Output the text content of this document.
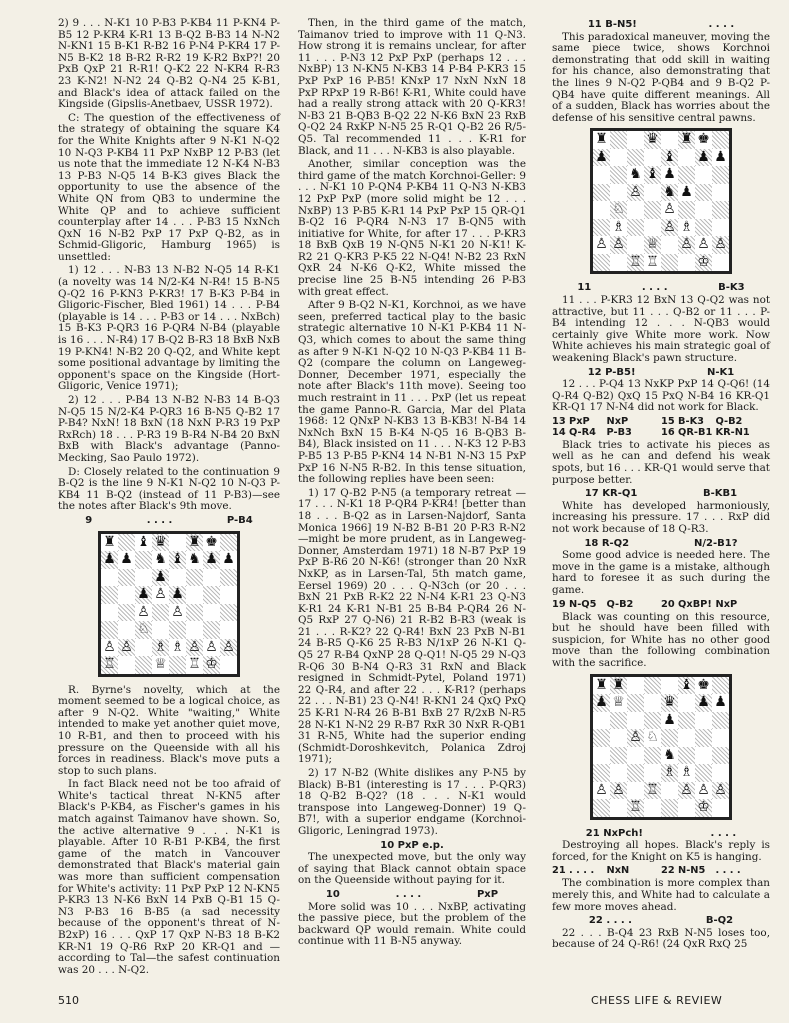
2) 9 . . . N-K1 10 P-B3 P-KB4 11 P-KN4 P-B5 12 P-KR4 K-R1 13 B-Q2 B-B3 14 N-N2 N-KN1 15 B-K1 R-B2 16 P-N4 P-KR4 17 P-N5 B-K2 18 B-R2 R-R2 19 K-R2 BxP?! 20 PxB QxP 21 R-R1! Q-K2 22 N-KR4 R-R3 23 K-N2! N-N2 24 Q-B2 Q-N4 25 K-B1, and Black's idea of attack failed on the Kingside (Gipslis-Anetbaev, USSR 1972).

C: The question of the effectiveness of the strategy of obtaining the square K4 for the White Knights after 9 N-K1 N-Q2 10 N-Q3 P-KB4 11 PxP NxBP 12 P-B3 (let us note that the immediate 12 N-K4 N-B3 13 P-B3 N-Q5 14 B-K3 gives Black the opportunity to use the absence of the White QN from QB3 to undermine the White QP and to achieve sufficient counterplay after 14 . . . P-B3 15 NxNch QxN 16 N-B2 PxP 17 PxP Q-B2, as in Schmid-Gligoric, Hamburg 1965) is unsettled:

1) 12 . . . N-B3 13 N-B2 N-Q5 14 R-K1 (a novelty was 14 N/2-K4 N-R4! 15 B-N5 Q-Q2 16 P-KN3 P-KR3! 17 B-K3 P-B4 in Gligoric-Fischer, Bled 1961) 14 . . . P-B4 (playable is 14 . . . P-B3 or 14 . . . NxBch) 15 B-K3 P-QR3 16 P-QR4 N-B4 (playable is 16 . . . N-R4) 17 B-Q2 B-R3 18 BxB NxB 19 P-KN4! N-B2 20 Q-Q2, and White kept some positional advantage by limiting the opponent's space on the Kingside (Hort-Gligoric, Venice 1971);

2) 12 . . . P-B4 13 N-B2 N-B3 14 B-Q3 N-Q5 15 N/2-K4 P-QR3 16 B-N5 Q-B2 17 P-B4? NxN! 18 BxN (18 NxN P-R3 19 PxP RxRch) 18 . . . P-R3 19 B-R4 N-B4 20 BxN BxB with Black's advantage (Panno-Mecking, Sao Paulo 1972).

D: Closely related to the continuation 9 B-Q2 is the line 9 N-K1 N-Q2 10 N-Q3 P-KB4 11 B-Q2 (instead of 11 P-B3)—see the notes after Black's 9th move.

9	. . . .	P-B4
♜ ♝ ♛ ♜ ♚
♟ ♟ ♞ ♝ ♞ ♟ ♟
♟
♟ ♙ ♟
♙ ♙
♘
♙ ♙ ♗ ♗ ♙ ♙ ♙
♖	♕ ♖ ♔

R. Byrne's novelty, which at the moment seemed to be a logical choice, as after 9 N-Q2. White "waiting," White intended to make yet another quiet move, 10 R-B1, and then to proceed with his pressure on the Queenside with all his forces in readiness. Black's move puts a stop to such plans.

In fact Black need not be too afraid of White's tactical threat N-KN5 after Black's P-KB4, as Fischer's games in his match against Taimanov have shown. So, the active alternative 9 . . . N-K1 is playable. After 10 R-B1 P-KB4, the first game of the match in Vancouver demonstrated that Black's material gain was more than sufficient compensation for White's activity: 11 PxP PxP 12 N-KN5 P-KR3 13 N-K6 BxN 14 PxB Q-B1 15 Q-N3 P-B3 16 B-B5 (a sad necessity because of the opponent's threat of N-B2xP) 16 . . . QxP 17 QxP N-B3 18 B-K2 KR-N1 19 Q-R6 RxP 20 KR-Q1 and —according to Tal—the safest continuation was 20 . . . N-Q2.

Then, in the third game of the match, Taimanov tried to improve with 11 Q-N3. How strong it is remains unclear, for after 11 . . . P-N3 12 PxP PxP (perhaps 12 . . . NxBP) 13 N-KN5 N-KB3 14 P-B4 P-KR3 15 PxP PxP 16 P-B5! KNxP 17 NxN NxN 18 PxP RPxP 19 R-B6! K-R1, White could have had a really strong attack with 20 Q-KR3! N-B3 21 B-QB3 B-Q2 22 N-K6 BxN 23 RxB Q-Q2 24 RxKP N-N5 25 R-Q1 Q-B2 26 R/5-Q5. Tal recommended 11 . . . K-R1 for Black, and 11 . . . N-KB3 is also playable.

Another, similar conception was the third game of the match Korchnoi-Geller: 9 . . . N-K1 10 P-QN4 P-KB4 11 Q-N3 N-KB3 12 PxP PxP (more solid might be 12 . . . NxBP) 13 P-B5 K-R1 14 PxP PxP 15 QR-Q1 B-Q2 16 P-QR4 N-N3 17 B-QN5 with initiative for White, for after 17 . . . P-KR3 18 BxB QxB 19 N-QN5 N-K1 20 N-K1! K-R2 21 Q-KR3 P-K5 22 N-Q4! N-B2 23 RxN QxR 24 N-K6 Q-K2, White missed the precise line 25 B-N5 intending 26 P-B3 with great effect.

After 9 B-Q2 N-K1, Korchnoi, as we have seen, preferred tactical play to the basic strategic alternative 10 N-K1 P-KB4 11 N-Q3, which comes to about the same thing as after 9 N-K1 N-Q2 10 N-Q3 P-KB4 11 B-Q2 (compare the column on Langeweg-Donner, December 1971, especially the note after Black's 11th move). Seeing too much restraint in 11 . . . PxP (let us repeat the game Panno-R. Garcia, Mar del Plata 1968: 12 QNxP N-KB3 13 B-KB3! N-B4 14 NxNch BxN 15 B-K4 N-Q5 16 B-QB3 B-B4), Black insisted on 11 . . . N-K3 12 P-B3 P-B5 13 P-B5 P-KN4 14 N-B1 N-N3 15 PxP PxP 16 N-N5 R-B2. In this tense situation, the following replies have been seen:

1) 17 Q-B2 P-N5 (a temporary retreat —17 . . . N-K1 18 P-QR4 P-KR4! [better than 18 . . . B-Q2 as in Larsen-Najdorf, Santa Monica 1966] 19 N-B2 B-B1 20 P-R3 R-N2—might be more prudent, as in Langeweg-Donner, Amsterdam 1971) 18 N-B7 PxP 19 PxP B-R6 20 N-K6! (stronger than 20 NxR NxKP, as in Larsen-Tal, 5th match game, Eersel 1969) 20 . . . Q-N3ch (or 20 . . . BxN 21 PxB R-K2 22 N-N4 K-R1 23 Q-N3 K-R1 24 K-R1 N-B1 25 B-B4 P-QR4 26 N-Q5 RxP 27 Q-N6) 21 R-B2 B-R3 (weak is 21 . . . R-K2? 22 Q-R4! BxN 23 PxB N-B1 24 B-R5 Q-K6 25 R-B3 N/1xP 26 N-K1 Q-Q5 27 R-B4 QxNP 28 Q-Q1! N-Q5 29 N-Q3 R-Q6 30 B-N4 Q-R3 31 RxN and Black resigned in Schmidt-Pytel, Poland 1971) 22 Q-R4, and after 22 . . . K-R1? (perhaps 22 . . . N-B1) 23 Q-N4! R-KN1 24 QxQ PxQ 25 K-R1 N-R4 26 B-B1 BxB 27 R/2xB N-R5 28 N-K1 N-N2 29 R-B7 RxR 30 NxR R-QB1 31 R-N5, White had the superior ending (Schmidt-Doroshkevitch, Polanica Zdroj 1971);

2) 17 N-B2 (White dislikes any P-N5 by Black) B-B1 (interesting is 17 . . . P-QR3) 18 Q-B2 B-Q2? (18 . . . N-K1 would transpose into Langeweg-Donner) 19 Q-B7!, with a superior endgame (Korchnoi-Gligoric, Leningrad 1973).

10 PxP e.p.

The unexpected move, but the only way of saying that Black cannot obtain space on the Queenside without paying for it.

10	. . . .	PxP

More solid was 10 . . . NxBP, activating the passive piece, but the problem of the backward QP would remain. White could continue with 11 B-N5 anyway.

11 B-N5!	. . . .

This paradoxical maneuver, moving the same piece twice, shows Korchnoi demonstrating that odd skill in waiting for his chance, also demonstrating that the lines 9 N-Q2 P-QB4 and 9 B-Q2 P-QB4 have quite different meanings. All of a sudden, Black has worries about the defense of his sensitive central pawns.

♜	♛ ♜ ♚
♟	♝ ♟ ♟
♞ ♝ ♟
♙ ♞ ♟
♘	♙
♗	♙ ♗
♙ ♙ ♕ ♙ ♙ ♙
♖ ♖	♔
11	. . . .	B-K3

11 . . . P-KR3 12 BxN 13 Q-Q2 was not attractive, but 11 . . . Q-B2 or 11 . . . P-B4 intending 12 . . . N-QB3 would certainly give White more work. Now White achieves his main strategic goal of weakening Black's pawn structure.

12 P-B5!	N-K1

12 . . . P-Q4 13 NxKP PxP 14 Q-Q6! (14 Q-R4 Q-B2) QxQ 15 PxQ N-B4 16 KR-Q1 KR-Q1 17 N-N4 did not work for Black.

13 PxP	NxP	15 B-K3	Q-B2
14 Q-R4	P-B3	16 QR-B1 KR-N1

Black tries to activate his pieces as well as he can and defend his weak spots, but 16 . . . KR-Q1 would serve that purpose better.

17 KR-Q1	B-KB1

White has developed harmoniously, increasing his pressure. 17 . . . RxP did not work because of 18 Q-R3.

18 R-Q2	N/2-B1?

Some good advice is needed here. The move in the game is a mistake, although hard to foresee it as such during the game.

19 N-Q5	Q-B2	20 QxBP! NxP

Black was counting on this resource, but he should have been filled with suspicion, for White has no other good move than the following combination with the sacrifice.

♜ ♜	♝ ♚
♟ ♕	♛ ♟ ♟
♟
♙ ♘
♞
♗ ♗
♙ ♙ ♖ ♙ ♙ ♙
♖	♔
21 NxPch!	. . . .

Destroying all hopes. Black's reply is forced, for the Knight on K5 is hanging.

21 . . . .	NxN	22 N-N5	. . . .

The combination is more complex than merely this, and White had to calculate a few more moves ahead.

22 . . . .	B-Q2

22 . . . B-Q4 23 RxB N-N5 loses too, because of 24 Q-R6! (24 QxR RxQ 25

510	CHESS LIFE & REVIEW
